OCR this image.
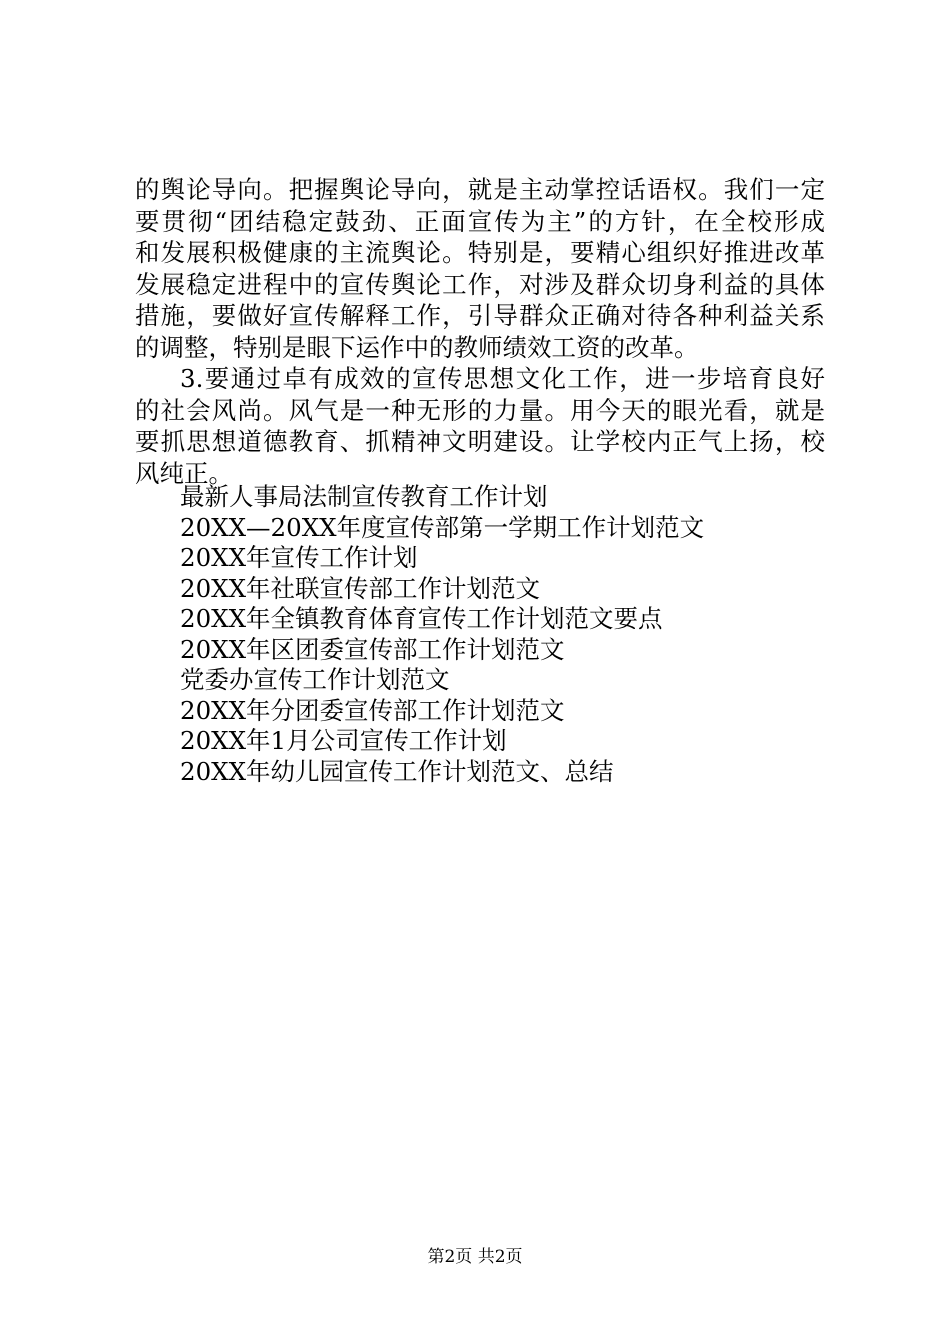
的舆论导向。把握舆论导向，就是主动掌控话语权。我们一定
要贯彻“团结稳定鼓劲、正面宣传为主”的方针，在全校形成
和发展积极健康的主流舆论。特别是，要精心组织好推进改革
发展稳定进程中的宣传舆论工作，对涉及群众切身利益的具体
措施，要做好宣传解释工作，引导群众正确对待各种利益关系
的调整，特别是眼下运作中的教师绩效工资的改革。
3.要通过卓有成效的宣传思想文化工作，进一步培育良好
的社会风尚。风气是一种无形的力量。用今天的眼光看，就是
要抓思想道德教育、抓精神文明建设。让学校内正气上扬，校
风纯正。
最新人事局法制宣传教育工作计划
20XX—20XX年度宣传部第一学期工作计划范文
20XX年宣传工作计划
20XX年社联宣传部工作计划范文
20XX年全镇教育体育宣传工作计划范文要点
20XX年区团委宣传部工作计划范文
党委办宣传工作计划范文
20XX年分团委宣传部工作计划范文
20XX年1月公司宣传工作计划
20XX年幼儿园宣传工作计划范文、总结
第2页 共2页
